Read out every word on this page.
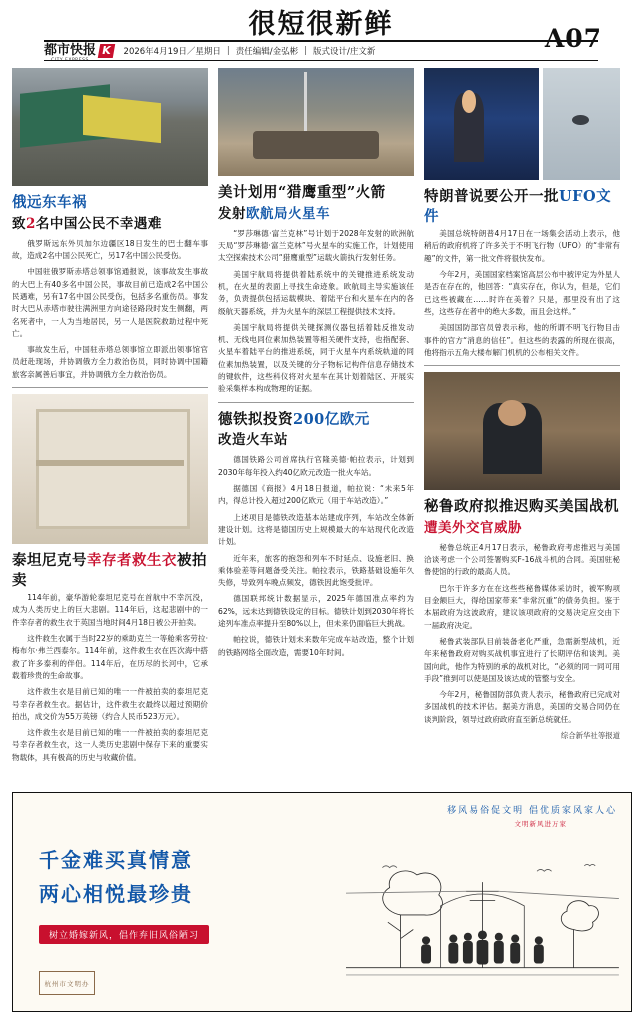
很短很新鲜
都市快报 K	2026年4月19日／星期日 | 责任编辑/金弘彬 | 版式设计/庄文新	A07
俄远东车祸
致2名中国公民不幸遇难

俄罗斯远东外贝加尔边疆区18日发生的巴士翻车事故，造成2名中国公民死亡，另17名中国公民受伤。

中国驻俄罗斯赤塔总领事馆通报说，该事故发生事故的大巴上有40多名中国公民，事故目前已造成2名中国公民遇难，另有17名中国公民受伤，包括多名重伤员。事发时大巴从赤塔市驶往满洲里方向途径路段时发生侧翻，两名死者中，一人为当地居民，另一人是医院救助过程中死亡。

事故发生后，中国驻赤塔总领事馆立即派出领事馆官员赶赴现场，并协调俄方全力救治伤员，同时协调中国籍旅客亲属善后事宜，并协调俄方全力救治伤员。

泰坦尼克号幸存者救生衣被拍卖

114年前，豪华游轮泰坦尼克号在首航中不幸沉没，成为人类历史上的巨大悲剧。114年后，这起悲剧中的一件幸存者的救生衣于英国当地时间4月18日被公开拍卖。

这件救生衣属于当时22岁的乘助克兰一等舱乘客劳拉·梅布尔·弗兰西泰尔。114年前，这件救生衣在匹次海中搭救了许多泰利的伴侣。114年后，在历尽的长河中，它承载着珍贵的生命故事。

这件救生衣是目前已知的唯一一件被拍卖的泰坦尼克号幸存者救生衣。据估计，这件救生衣最终以超过预期价拍出，成交价为55万英镑（约合人民币523万元）。

这件救生衣是目前已知的唯一一件被拍卖的泰坦尼克号幸存者救生衣，这一人类历史悲剧中保存下来的重要实物载体，具有极高的历史与收藏价值。

美计划用“猎鹰重型”火箭
发射欧航局火星车

“罗莎琳德·富兰克林”号计划于2028年发射的欧洲航天局“罗莎琳德·富兰克林”号火星车的实施工作，计划使用太空探索技术公司“猎鹰重型”运载火箭执行发射任务。

美国宇航局将提供着陆系统中的关键推进系统发动机，在火星的表面上寻找生命迹象。欧航局主导实施该任务，负责提供包括运载模块、着陆平台和火星车在内的各级航天器系统，并为火星车的深层工程提供技术支持。

美国宇航局将提供关键探测仪器包括着陆反推发动机、无线电同位素加热装置等相关硬件支持，也指配套、火星车着陆平台的推进系统，同于火星车内系统轨道的同位素加热装置，以及关键的分子物标记构件信息存储技术的键软件，这些科仪将对火星车在其计划着陆区、开展实验采集样本构成物理的证据。

德铁拟投资200亿欧元
改造火车站

德国铁路公司首席执行官隆美德·帕拉表示，计划到2030年每年投入约40亿欧元改造一批火车站。

据德国《商报》4月18日报道，帕拉说：“未来5年内，得总计投入超过200亿欧元（用于车站改造）。”

上述项目是德铁改造基本站建成序列，车站改全体新建设计划。这将是德国历史上规模最大的车站现代化改造计划。

近年来，旅客的抱怨和列车不时延点、设施老旧、换乘体验差等问题备受关注。帕拉表示，铁路基础设施年久失修，导致列车晚点频发，德铁因此饱受批评。

德国联邦统计数据显示，2025年德国准点率约为62%，远未达到德铁设定的目标。德铁计划到2030年将长途列车准点率提升至80%以上，但未来仍面临巨大挑战。

帕拉说，德铁计划未来数年完成车站改造，整个计划的铁路网络全面改造，需要10年时间。

特朗普说要公开一批UFO文件

美国总统特朗普4月17日在一场集会活动上表示，他稍后的政府机将了许多关于不明飞行物（UFO）的“非常有趣”的文件，第一批文件将很快发布。

今年2月，美国国家档案馆高层公布中被评定为外星人是否在存在的，他回答：“真实存在，你认为，但是，它们已这些被藏在……时许在美着？只是，那里没有出了这些，这些存在者中的绝大多数，而且会这样。”

美国国防部官员曾表示称，他的所谓不明飞行物目击事件的官方“消息的信任”。但这些的表露的所现在很高，他将指示五角大楼布解门机机的公布相关文件。

秘鲁政府拟推迟购买美国战机
遭美外交官威胁

秘鲁总统正4月17日表示，秘鲁政府考虑推迟与美国洽谈考虑一个公司签署购买F-16战斗机的合同。美国驻秘鲁使馆的行政的最高人员。

巴尔于许多方在在这些些秘鲁媒体采访时，被军购项目金额巨大，得给国家带来“非常沉重”的债务负担。鉴于本届政府为这波政府，建议该项政府的交易决定应交由下一届政府决定。

秘鲁武装部队目前装备老化严重，急需新型战机，近年来秘鲁政府对购买战机事宜进行了长期评估和谈判。美国向此，他作为特别的承的战机对比，“必须的同一同可用手段”推到可以使是国及该达成的管整与安全。

今年2月，秘鲁国防部负责人表示，秘鲁政府已完成对多国战机的技术评估。据美方消息，美国的交易合同仍在谈判阶段，领导过政府政府直至新总统就任。

综合新华社等报道
千金难买真情意
两心相悦最珍贵
树立婚嫁新风，倡作弃旧风俗陋习
杭州市文明办
移风易俗促文明 倡优质家风家人心
文明新风进万家
